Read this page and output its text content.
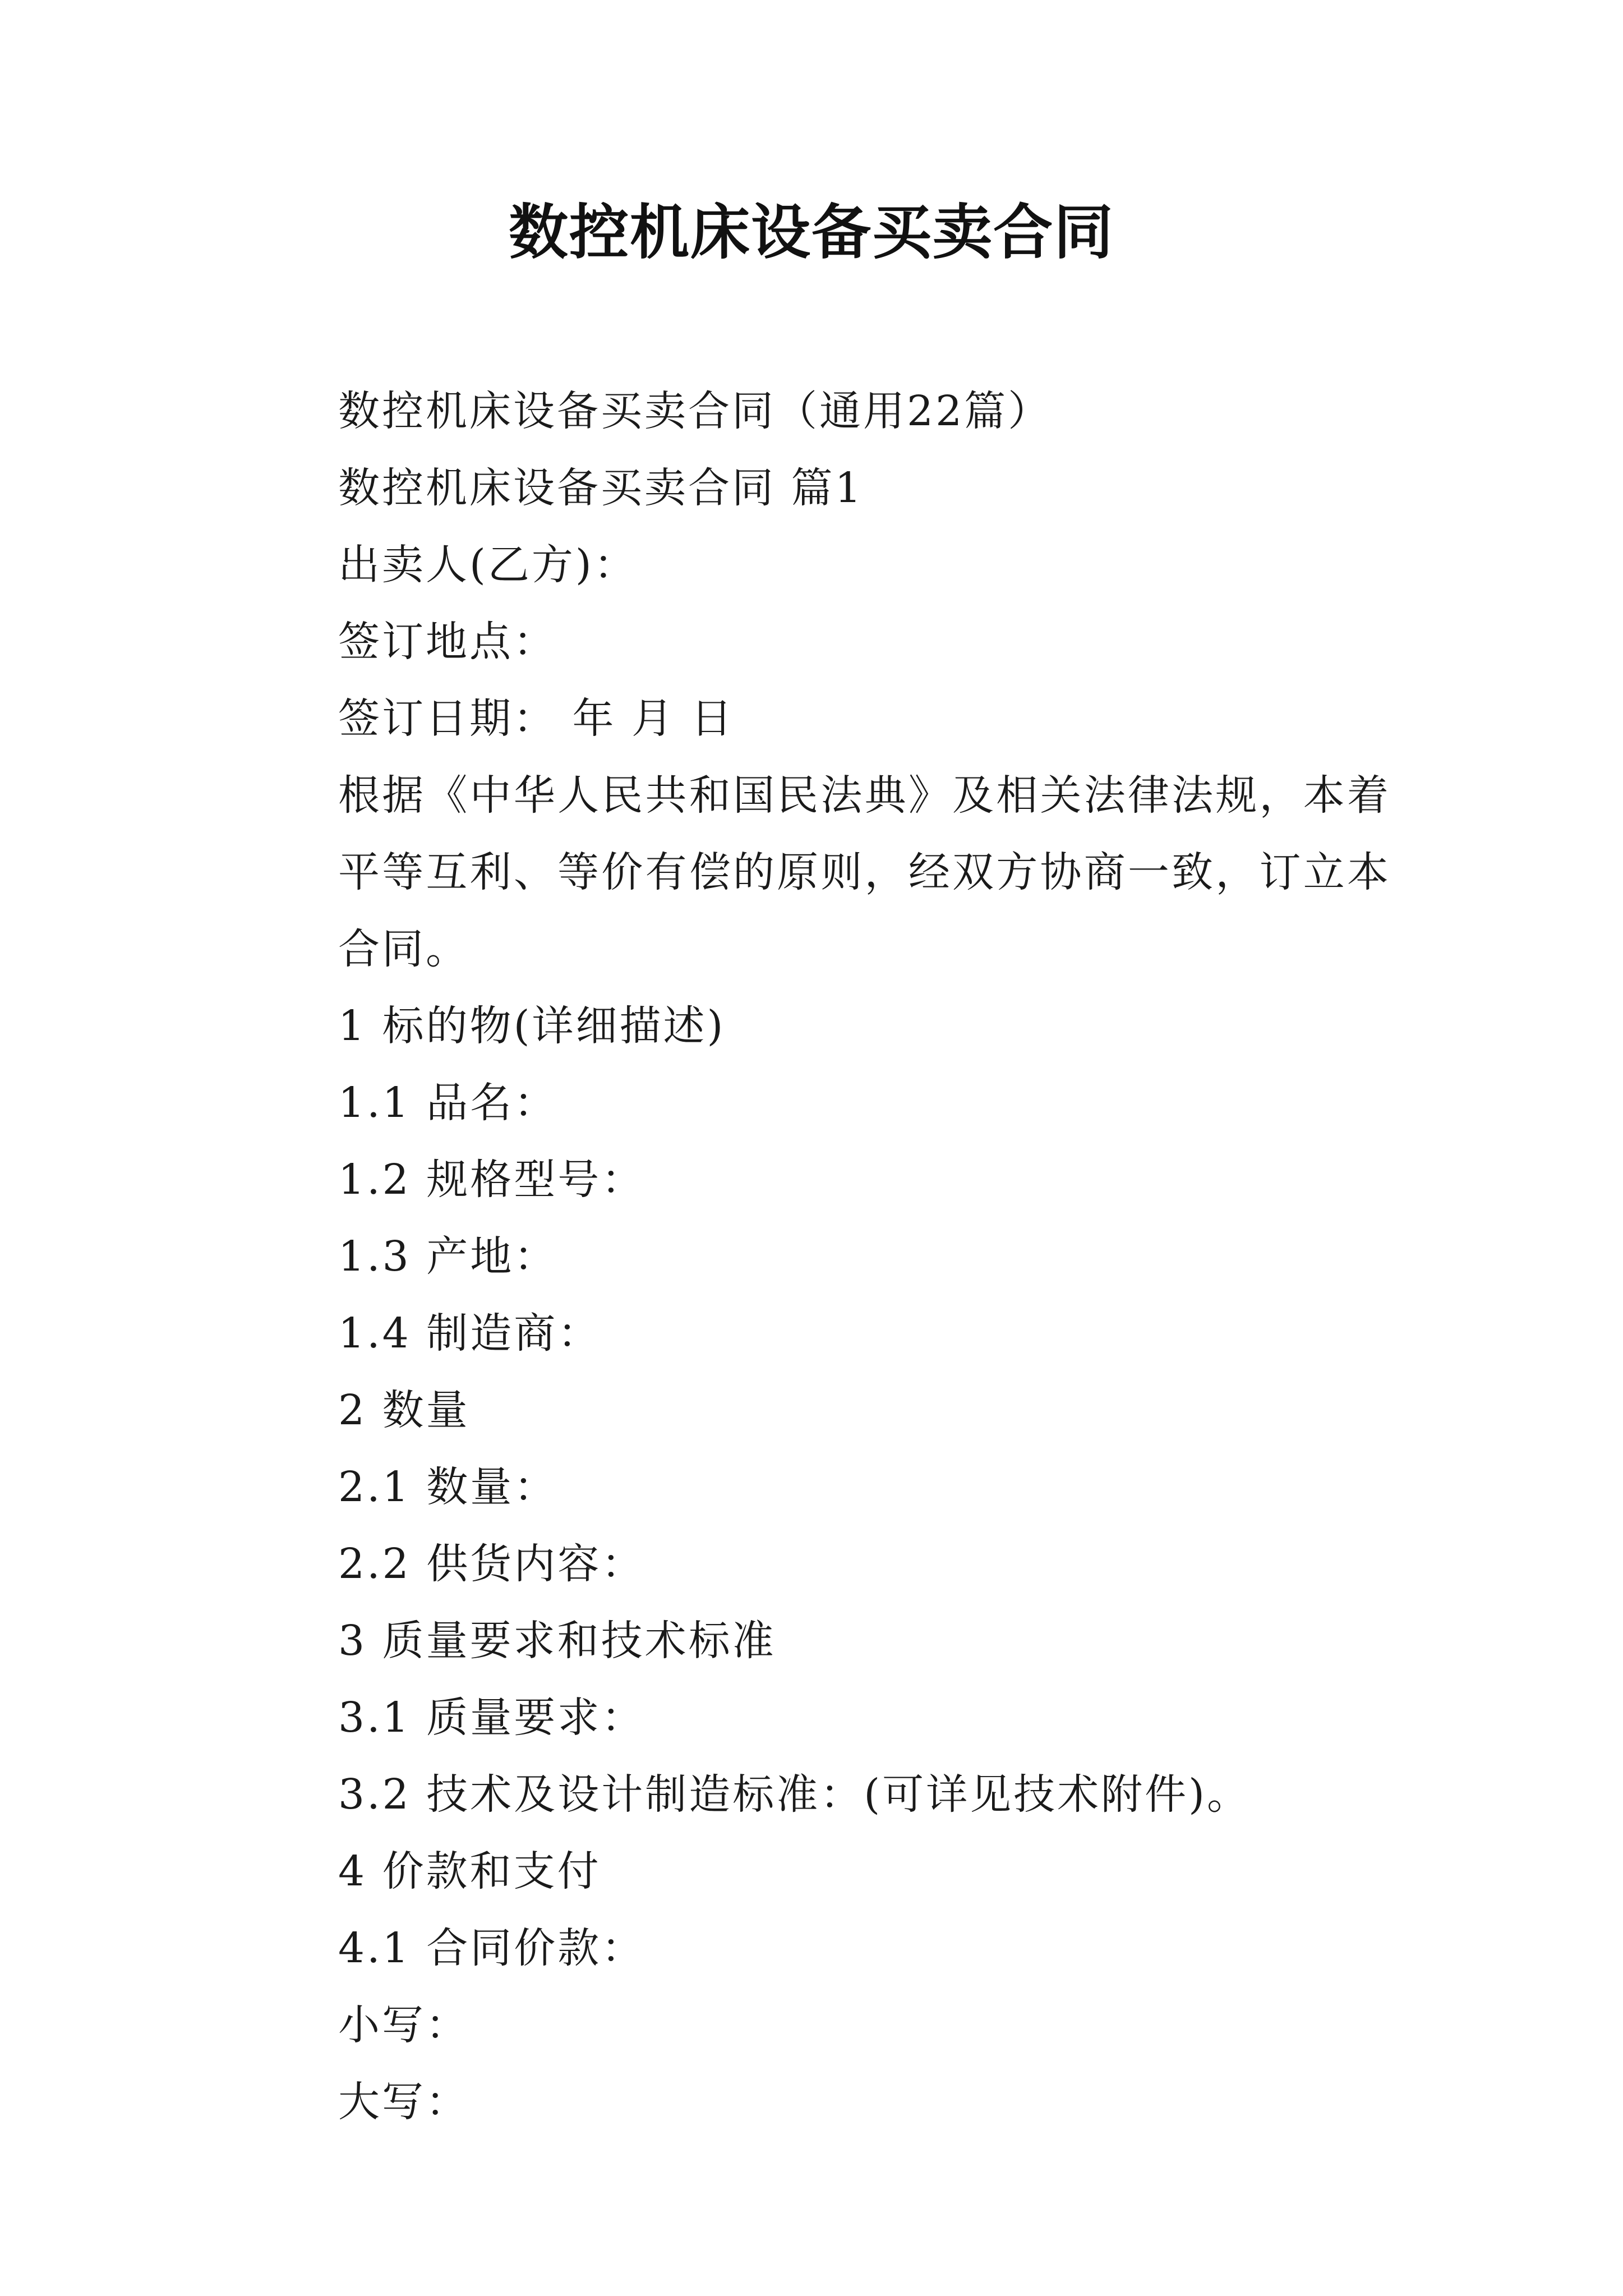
数控机床设备买卖合同

数控机床设备买卖合同（通用22篇）

数控机床设备买卖合同 篇1

出卖人(乙方)：

签订地点：

签订日期： 年 月 日

根据《中华人民共和国民法典》及相关法律法规，本着平等互利、等价有偿的原则，经双方协商一致，订立本合同。

1 标的物(详细描述)

1.1 品名：

1.2 规格型号：

1.3 产地：

1.4 制造商：

2 数量

2.1 数量：

2.2 供货内容：

3 质量要求和技术标准

3.1 质量要求：

3.2 技术及设计制造标准：(可详见技术附件)。

4 价款和支付

4.1 合同价款：

小写：

大写：
